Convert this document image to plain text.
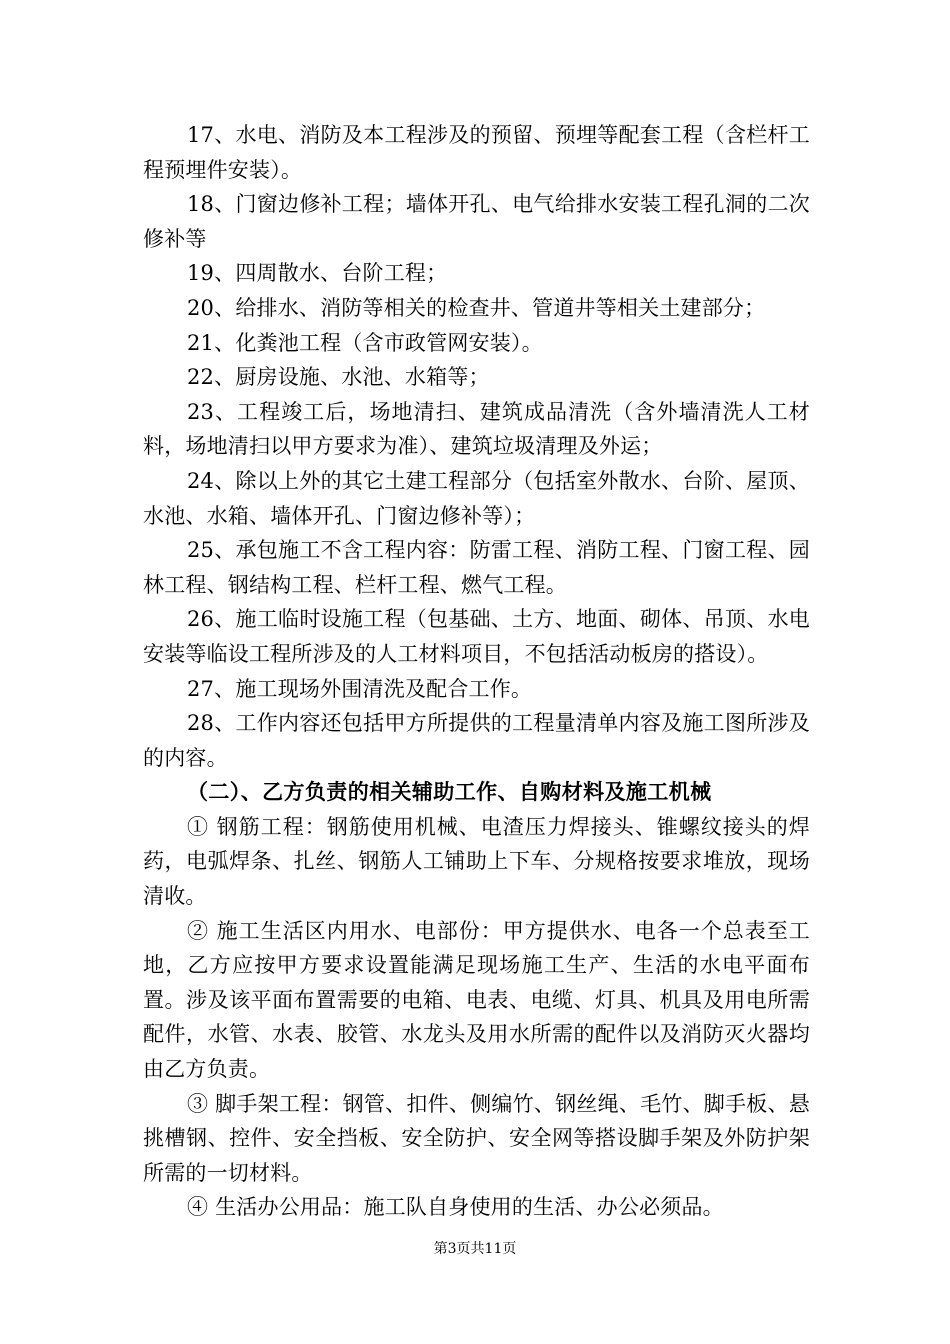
17、水电、消防及本工程涉及的预留、预埋等配套工程（含栏杆工程预埋件安装）。

18、门窗边修补工程；墙体开孔、电气给排水安装工程孔洞的二次修补等

19、四周散水、台阶工程；

20、给排水、消防等相关的检查井、管道井等相关土建部分；

21、化粪池工程（含市政管网安装）。

22、厨房设施、水池、水箱等；

23、工程竣工后，场地清扫、建筑成品清洗（含外墙清洗人工材料，场地清扫以甲方要求为准）、建筑垃圾清理及外运；

24、除以上外的其它土建工程部分（包括室外散水、台阶、屋顶、水池、水箱、墙体开孔、门窗边修补等）；

25、承包施工不含工程内容：防雷工程、消防工程、门窗工程、园林工程、钢结构工程、栏杆工程、燃气工程。

26、施工临时设施工程（包基础、土方、地面、砌体、吊顶、水电安装等临设工程所涉及的人工材料项目，不包括活动板房的搭设）。

27、施工现场外围清洗及配合工作。

28、工作内容还包括甲方所提供的工程量清单内容及施工图所涉及的内容。

（二）、乙方负责的相关辅助工作、自购材料及施工机械

① 钢筋工程：钢筋使用机械、电渣压力焊接头、锥螺纹接头的焊药，电弧焊条、扎丝、钢筋人工铺助上下车、分规格按要求堆放，现场清收。

② 施工生活区内用水、电部份：甲方提供水、电各一个总表至工地，乙方应按甲方要求设置能满足现场施工生产、生活的水电平面布置。涉及该平面布置需要的电箱、电表、电缆、灯具、机具及用电所需配件，水管、水表、胶管、水龙头及用水所需的配件以及消防灭火器均由乙方负责。

③ 脚手架工程：钢管、扣件、侧编竹、钢丝绳、毛竹、脚手板、悬挑槽钢、控件、安全挡板、安全防护、安全网等搭设脚手架及外防护架所需的一切材料。

④ 生活办公用品：施工队自身使用的生活、办公必须品。

第3页共11页
